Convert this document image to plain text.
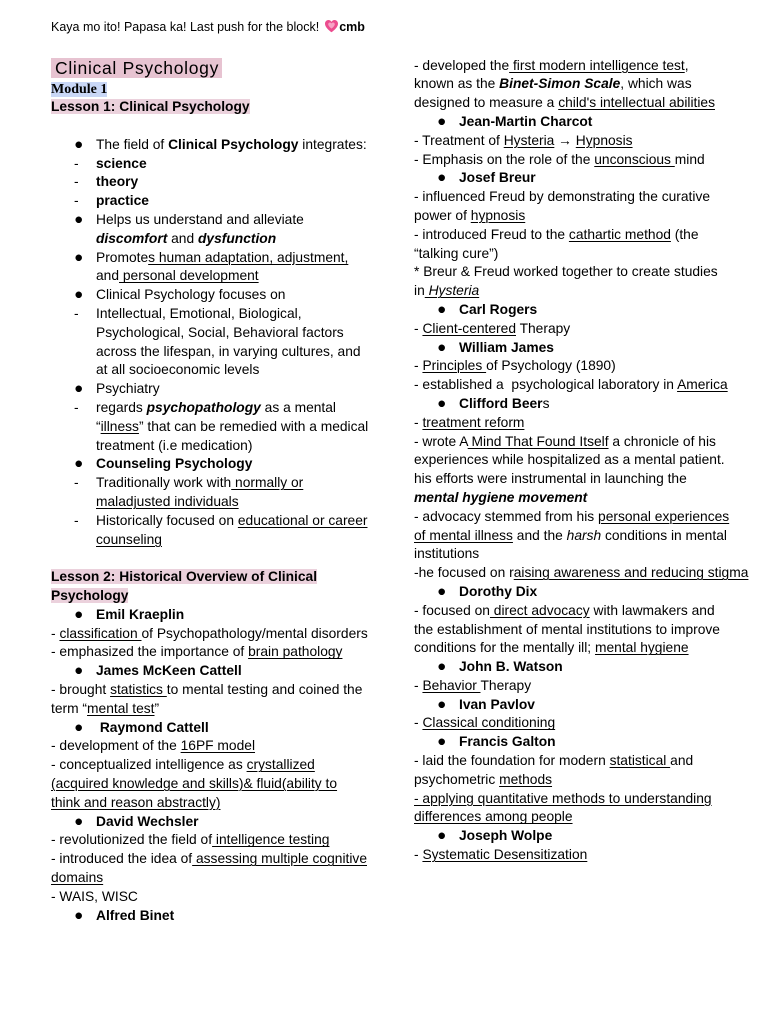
Kaya mo ito! Papasa ka! Last push for the block! cmb
Clinical Psychology
Module 1
Lesson 1: Clinical Psychology
● The field of Clinical Psychology integrates:
- science
- theory
- practice
● Helps us understand and alleviate
discomfort and dysfunction
● Promotes human adaptation, adjustment,
and personal development
● Clinical Psychology focuses on
- Intellectual, Emotional, Biological,
Psychological, Social, Behavioral factors
across the lifespan, in varying cultures, and
at all socioeconomic levels
● Psychiatry
- regards psychopathology as a mental
“illness” that can be remedied with a medical
treatment (i.e medication)
● Counseling Psychology
- Traditionally work with normally or
maladjusted individuals
- Historically focused on educational or career
counseling
Lesson 2: Historical Overview of Clinical
Psychology
● Emil Kraeplin
- classification of Psychopathology/mental disorders
- emphasized the importance of brain pathology
● James McKeen Cattell
- brought statistics to mental testing and coined the
term “mental test”
● Raymond Cattell
- development of the 16PF model
- conceptualized intelligence as crystallized
(acquired knowledge and skills)& fluid(ability to
think and reason abstractly)
● David Wechsler
- revolutionized the field of intelligence testing
- introduced the idea of assessing multiple cognitive
domains
- WAIS, WISC
● Alfred Binet
- developed the first modern intelligence test,
known as the Binet-Simon Scale, which was
designed to measure a child's intellectual abilities
● Jean-Martin Charcot
- Treatment of Hysteria → Hypnosis
- Emphasis on the role of the unconscious mind
● Josef Breur
- influenced Freud by demonstrating the curative
power of hypnosis
- introduced Freud to the cathartic method (the
“talking cure”)
* Breur & Freud worked together to create studies
in Hysteria
● Carl Rogers
- Client-centered Therapy
● William James
- Principles of Psychology (1890)
- established a  psychological laboratory in America
● Clifford Beers
- treatment reform
- wrote A Mind That Found Itself a chronicle of his
experiences while hospitalized as a mental patient.
his efforts were instrumental in launching the
mental hygiene movement
- advocacy stemmed from his personal experiences
of mental illness and the harsh conditions in mental
institutions
-he focused on raising awareness and reducing stigma
● Dorothy Dix
- focused on direct advocacy with lawmakers and
the establishment of mental institutions to improve
conditions for the mentally ill; mental hygiene
● John B. Watson
- Behavior Therapy
● Ivan Pavlov
- Classical conditioning
● Francis Galton
- laid the foundation for modern statistical and
psychometric methods
- applying quantitative methods to understanding
differences among people
● Joseph Wolpe
- Systematic Desensitization
